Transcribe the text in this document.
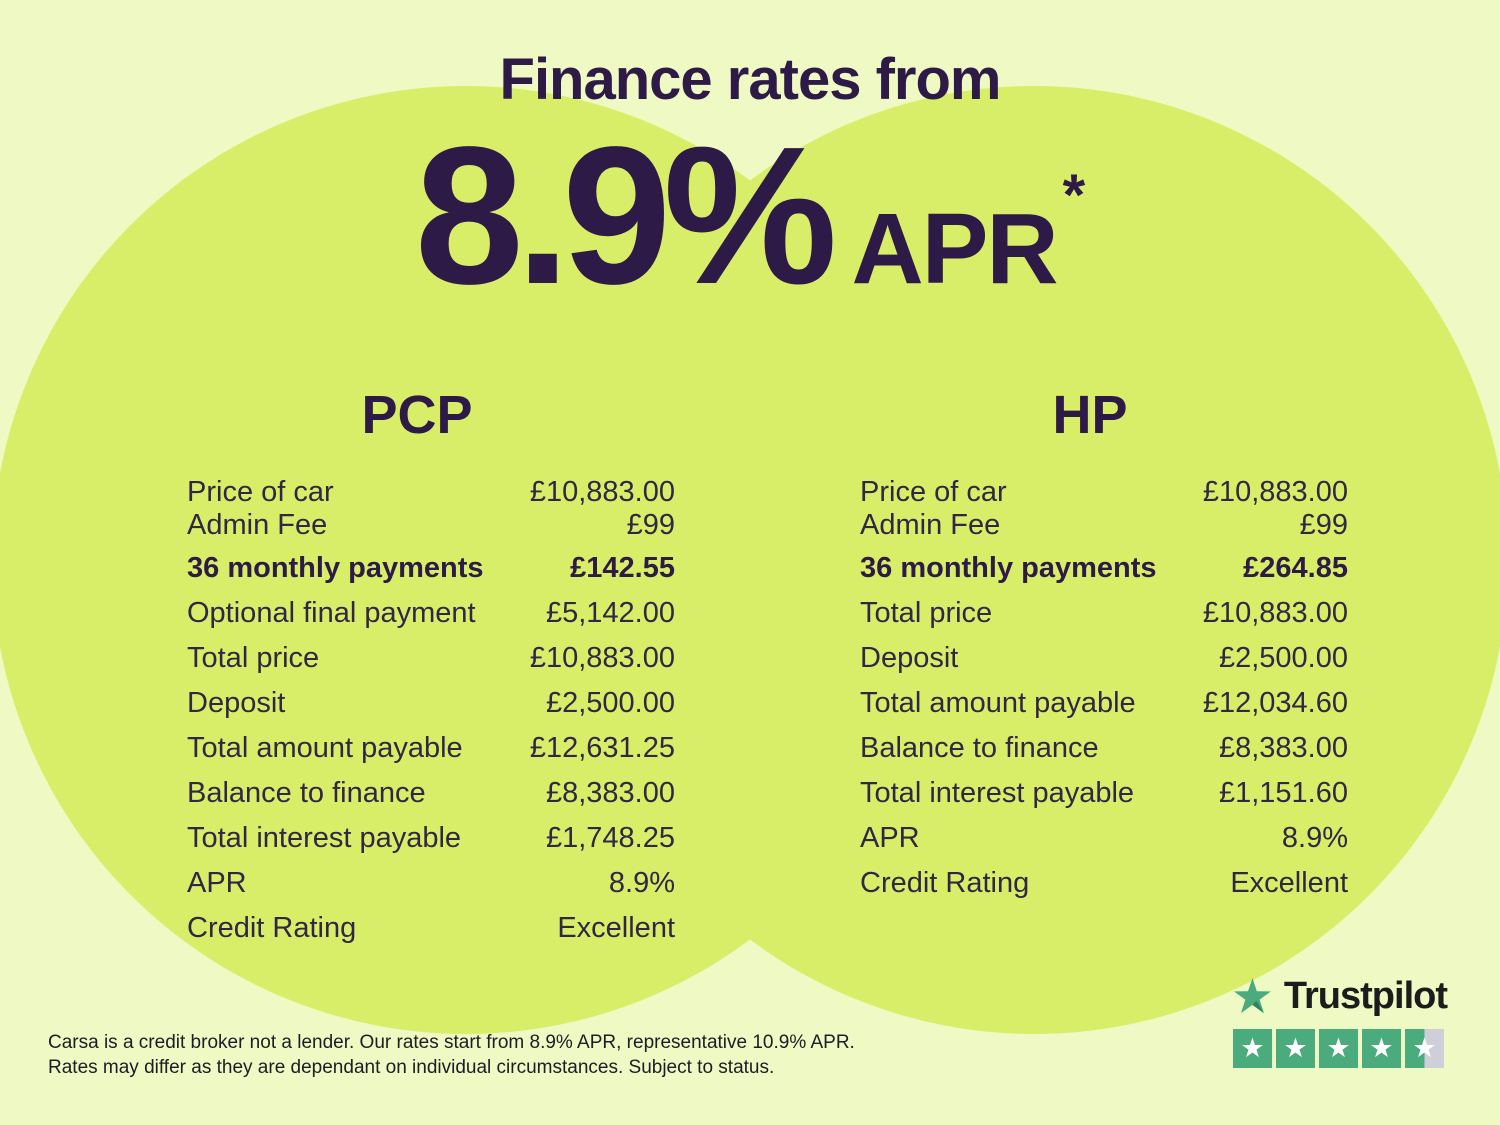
Finance rates from
8.9% APR *
PCP
Price of car	£10,883.00
Admin Fee	£99
36 monthly payments	£142.55
Optional final payment £5,142.00
Total price	£10,883.00
Deposit	£2,500.00
Total amount payable £12,631.25
Balance to finance	£8,383.00
Total interest payable	£1,748.25
APR	8.9%
Credit Rating	Excellent
HP
Price of car	£10,883.00
Admin Fee	£99
36 monthly payments	£264.85
Total price	£10,883.00
Deposit	£2,500.00
Total amount payable £12,034.60
Balance to finance	£8,383.00
Total interest payable	£1,151.60
APR	8.9%
Credit Rating	Excellent
Carsa is a credit broker not a lender. Our rates start from 8.9% APR, representative 10.9% APR.
Rates may differ as they are dependant on individual circumstances. Subject to status.
Trustpilot
★ ★ ★ ★ ★
